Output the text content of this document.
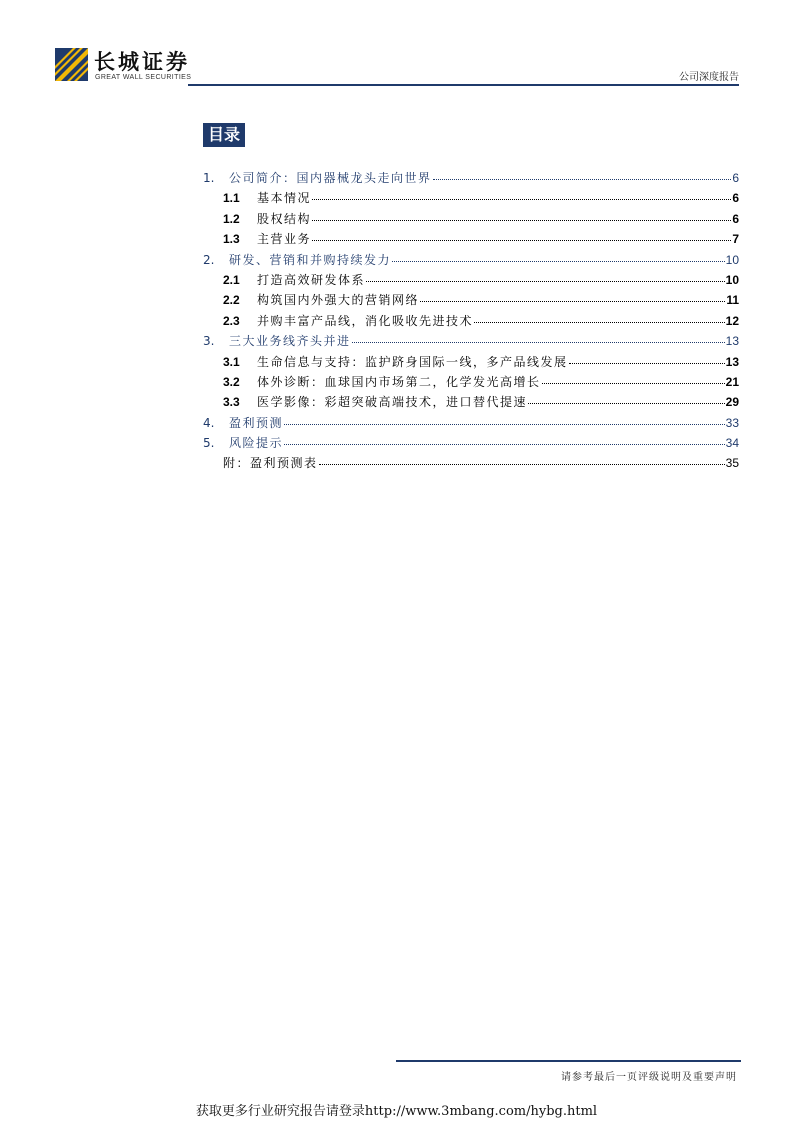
长城证券
GREAT WALL SECURITIES	公司深度报告
目录
1.	公司简介：国内器械龙头走向世界	6
1.1	基本情况	6
1.2	股权结构	6
1.3	主营业务	7
2.	研发、营销和并购持续发力	10
2.1	打造高效研发体系	10
2.2	构筑国内外强大的营销网络	11
2.3	并购丰富产品线，消化吸收先进技术	12
3.	三大业务线齐头并进	13
3.1	生命信息与支持：监护跻身国际一线，多产品线发展	13
3.2	体外诊断：血球国内市场第二，化学发光高增长	21
3.3	医学影像：彩超突破高端技术，进口替代提速	29
4.	盈利预测	33
5.	风险提示	34
附：盈利预测表	35
请参考最后一页评级说明及重要声明
获取更多行业研究报告请登录http://www.3mbang.com/hybg.html
